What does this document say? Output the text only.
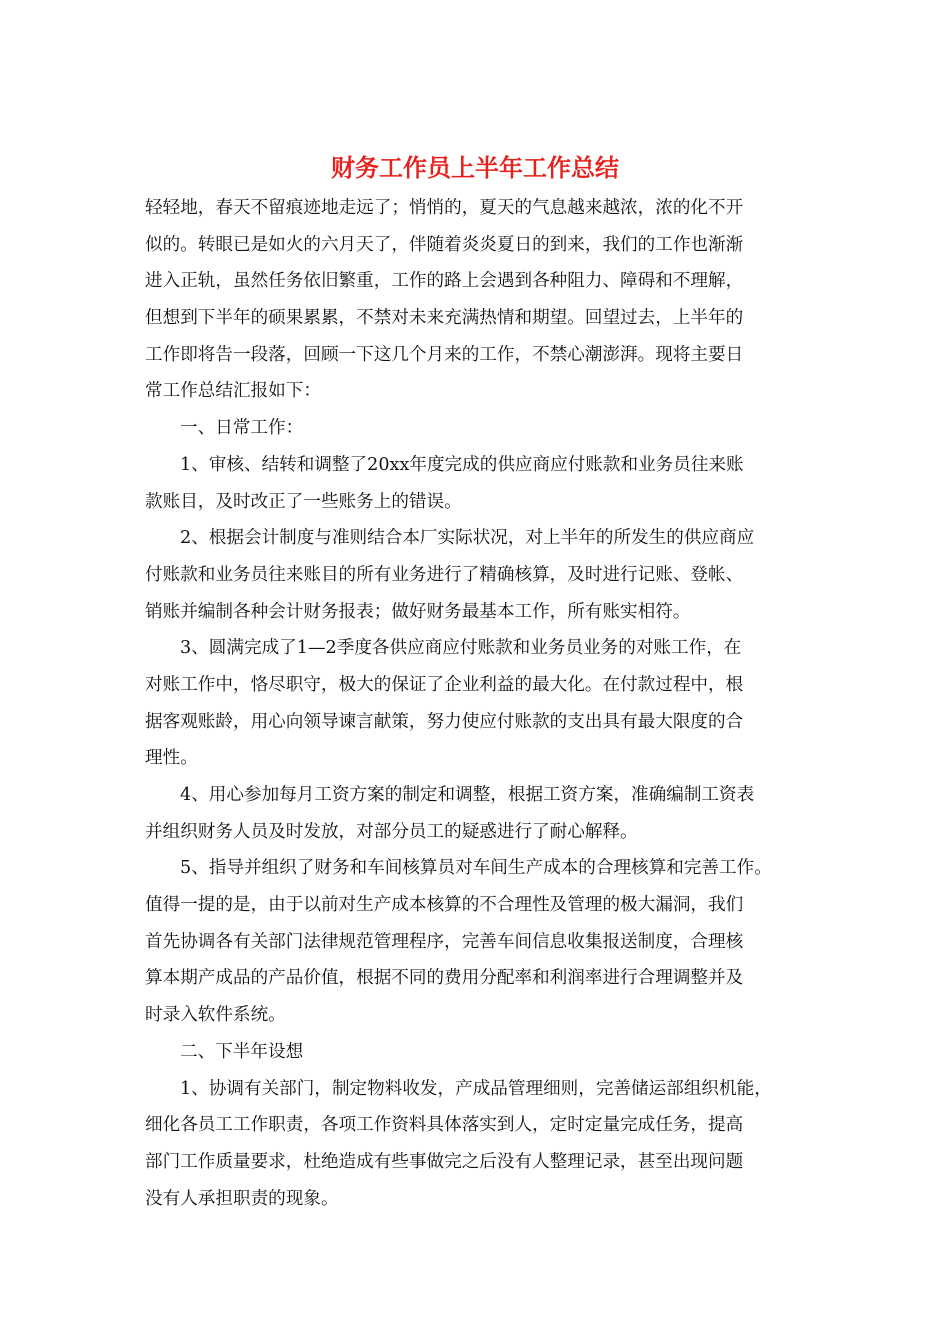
财务工作员上半年工作总结
轻轻地，春天不留痕迹地走远了；悄悄的，夏天的气息越来越浓，浓的化不开
似的。转眼已是如火的六月天了，伴随着炎炎夏日的到来，我们的工作也渐渐
进入正轨，虽然任务依旧繁重，工作的路上会遇到各种阻力、障碍和不理解，
但想到下半年的硕果累累，不禁对未来充满热情和期望。回望过去，上半年的
工作即将告一段落，回顾一下这几个月来的工作，不禁心潮澎湃。现将主要日
常工作总结汇报如下：
一、日常工作：
1、审核、结转和调整了20xx年度完成的供应商应付账款和业务员往来账
款账目，及时改正了一些账务上的错误。
2、根据会计制度与准则结合本厂实际状况，对上半年的所发生的供应商应
付账款和业务员往来账目的所有业务进行了精确核算，及时进行记账、登帐、
销账并编制各种会计财务报表；做好财务最基本工作，所有账实相符。
3、圆满完成了1—2季度各供应商应付账款和业务员业务的对账工作，在
对账工作中，恪尽职守，极大的保证了企业利益的最大化。在付款过程中，根
据客观账龄，用心向领导谏言献策，努力使应付账款的支出具有最大限度的合
理性。
4、用心参加每月工资方案的制定和调整，根据工资方案，准确编制工资表
并组织财务人员及时发放，对部分员工的疑惑进行了耐心解释。
5、指导并组织了财务和车间核算员对车间生产成本的合理核算和完善工作。
值得一提的是，由于以前对生产成本核算的不合理性及管理的极大漏洞，我们
首先协调各有关部门法律规范管理程序，完善车间信息收集报送制度，合理核
算本期产成品的产品价值，根据不同的费用分配率和利润率进行合理调整并及
时录入软件系统。
二、下半年设想
1、协调有关部门，制定物料收发，产成品管理细则，完善储运部组织机能，
细化各员工工作职责，各项工作资料具体落实到人，定时定量完成任务，提高
部门工作质量要求，杜绝造成有些事做完之后没有人整理记录，甚至出现问题
没有人承担职责的现象。
